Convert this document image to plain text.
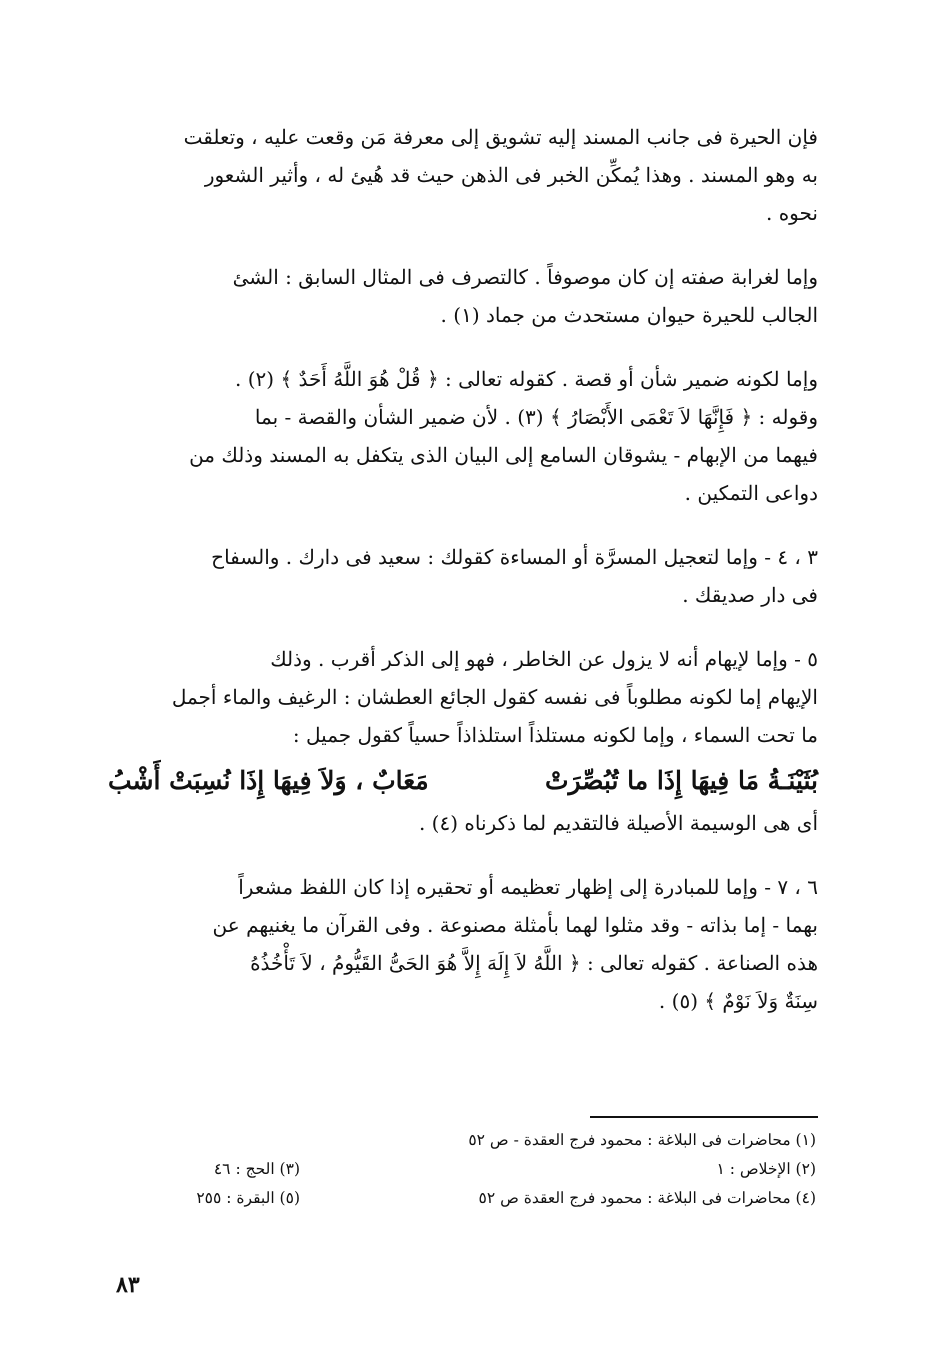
فإن الحيرة فى جانب المسند إليه تشويق إلى معرفة مَن وقعت عليه ، وتعلقت

به وهو المسند . وهذا يُمكِّن الخبر فى الذهن حيث قد هُيئ له ، وأثير الشعور

نحوه .

وإما لغرابة صفته إن كان موصوفاً . كالتصرف فى المثال السابق : الشئ

الجالب للحيرة حيوان مستحدث من جماد (١) .

وإما لكونه ضمير شأن أو قصة . كقوله تعالى : ﴿ قُلْ هُوَ اللَّهُ أَحَدٌ ﴾ (٢) .

وقوله : ﴿ فَإِنَّهَا لاَ تَعْمَى الأَبْصَارُ ﴾ (٣) . لأن ضمير الشأن والقصة - بما

فيهما من الإبهام - يشوقان السامع إلى البيان الذى يتكفل به المسند وذلك من

دواعى التمكين .

٣ ، ٤ - وإما لتعجيل المسرَّة أو المساءة كقولك : سعيد فى دارك . والسفاح

فى دار صديقك .

٥ - وإما لإيهام أنه لا يزول عن الخاطر ، فهو إلى الذكر أقرب . وذلك

الإيهام إما لكونه مطلوباً فى نفسه كقول الجائع العطشان : الرغيف والماء أجمل

ما تحت السماء ، وإما لكونه مستلذاً استلذاذاً حسياً كقول جميل :

بُثَيْنَـةُ مَا فِيهَا إِذَا ما تُبُصِّرَتْ
مَعَابٌ ، وَلاَ فِيهَا إِذَا نُسِبَتْ أَشْبُ

أى هى الوسيمة الأصيلة فالتقديم لما ذكرناه (٤) .

٦ ، ٧ - وإما للمبادرة إلى إظهار تعظيمه أو تحقيره إذا كان اللفظ مشعراً

بهما - إما بذاته - وقد مثلوا لهما بأمثلة مصنوعة . وفى القرآن ما يغنيهم عن

هذه الصناعة . كقوله تعالى : ﴿ اللَّهُ لاَ إِلَهَ إِلاَّ هُوَ الحَىُّ القَيُّومُ ، لاَ تَأْخُذُهُ

سِنَةٌ وَلاَ نَوْمٌ ﴾ (٥) .

(١) محاضرات فى البلاغة : محمود فرج العقدة - ص ٥٢
(٢) الإخلاص : ١
(٣) الحج : ٤٦
(٤) محاضرات فى البلاغة : محمود فرج العقدة ص ٥٢
(٥) البقرة : ٢٥٥
٨٣
